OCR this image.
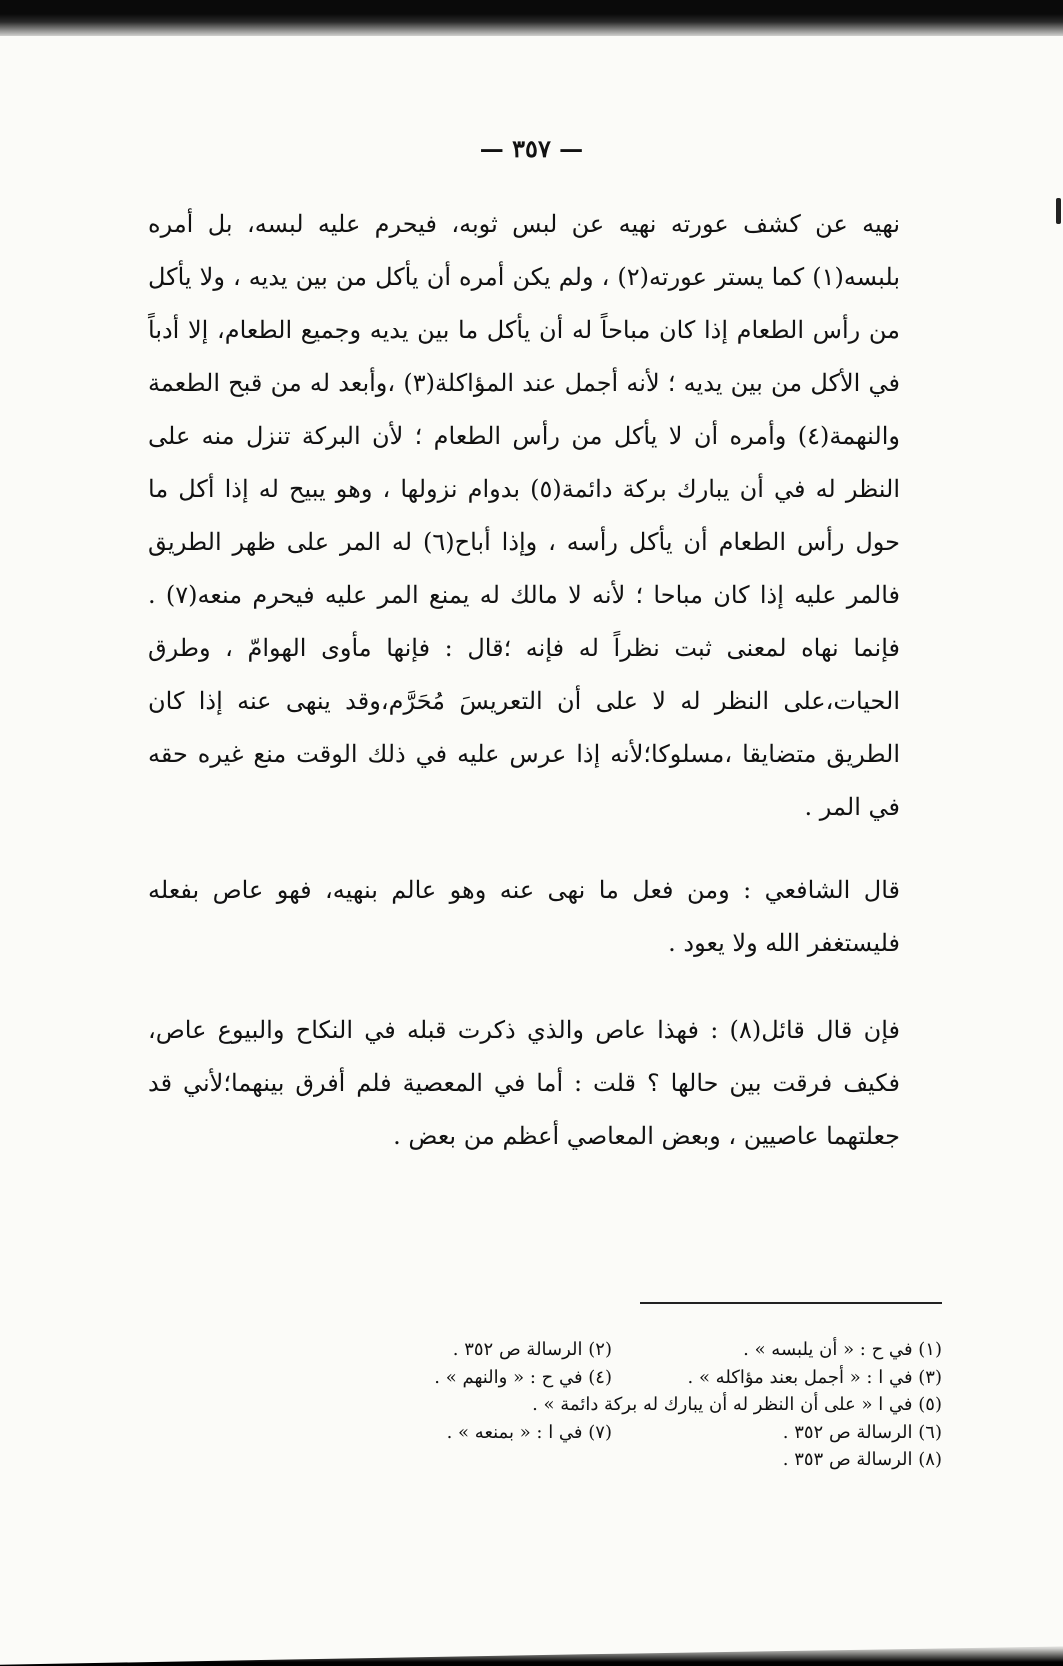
— ٣٥٧ —

نهيه عن كشف عورته نهيه عن لبس ثوبه، فيحرم عليه لبسه، بل أمره بلبسه(١) كما يستر عورته(٢) ، ولم يكن أمره أن يأكل من بين يديه ، ولا يأكل من رأس الطعام إذا كان مباحاً له أن يأكل ما بين يديه وجميع الطعام، إلا أدباً في الأكل من بين يديه ؛ لأنه أجمل عند المؤاكلة(٣) ،وأبعد له من قبح الطعمة والنهمة(٤) وأمره أن لا يأكل من رأس الطعام ؛ لأن البركة تنزل منه على النظر له في أن يبارك بركة دائمة(٥) بدوام نزولها ، وهو يبيح له إذا أكل ما حول رأس الطعام أن يأكل رأسه ، وإذا أباح(٦) له المر على ظهر الطريق فالمر عليه إذا كان مباحا ؛ لأنه لا مالك له يمنع المر عليه فيحرم منعه(٧) . فإنما نهاه لمعنى ثبت نظراً له فإنه ؛قال : فإنها مأوى الهوامّ ، وطرق الحيات،على النظر له لا على أن التعريسَ مُحَرَّم،وقد ينهى عنه إذا كان الطريق متضايقا ،مسلوكا؛لأنه إذا عرس عليه في ذلك الوقت منع غيره حقه في المر .

قال الشافعي : ومن فعل ما نهى عنه وهو عالم بنهيه، فهو عاص بفعله فليستغفر الله ولا يعود .

فإن قال قائل(٨) : فهذا عاص والذي ذكرت قبله في النكاح والبيوع عاص، فكيف فرقت بين حالها ؟ قلت : أما في المعصية فلم أفرق بينهما؛لأني قد جعلتهما عاصيين ، وبعض المعاصي أعظم من بعض .

(١) في ح : « أن يلبسه » .
(٢) الرسالة ص ٣٥٢ .
(٣) في ا : « أجمل بعند مؤاكله » .
(٤) في ح : « والنهم » .
(٥) في ا « على أن النظر له أن يبارك له بركة دائمة » .
(٦) الرسالة ص ٣٥٢ .
(٧) في ا : « بمنعه » .
(٨) الرسالة ص ٣٥٣ .
